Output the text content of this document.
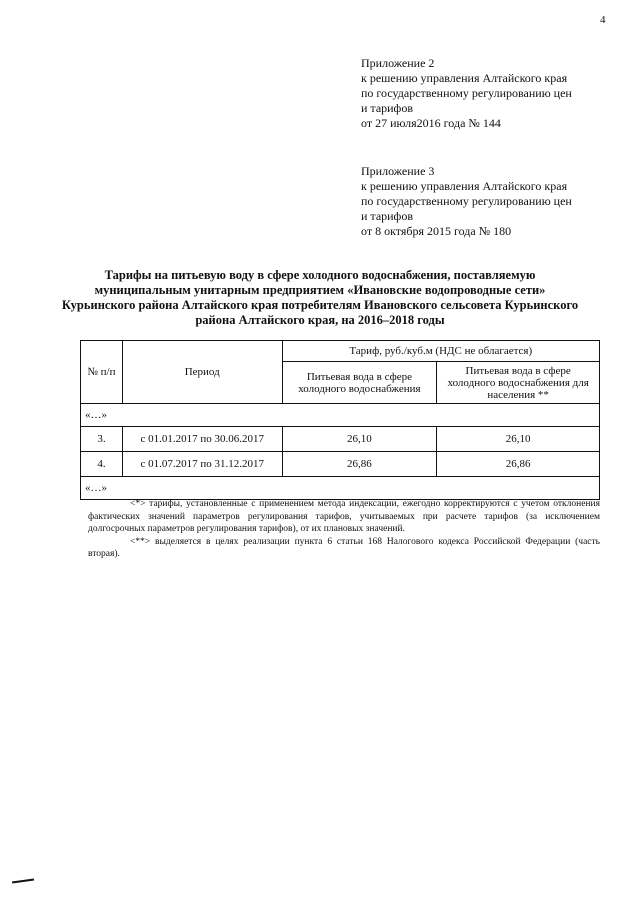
4
Приложение 2
к решению управления Алтайского края
по государственному регулированию цен
и тарифов
от 27 июля2016 года № 144
Приложение 3
к решению управления Алтайского края
по государственному регулированию цен
и тарифов
от 8 октября 2015 года № 180
Тарифы на питьевую воду в сфере холодного водоснабжения, поставляемую муниципальным унитарным предприятием «Ивановские водопроводные сети» Курьинского района Алтайского края потребителям Ивановского сельсовета Курьинского района Алтайского края, на 2016–2018 годы
№ п/п	Период	Тариф, руб./куб.м (НДС не облагается)	
		Питьевая вода в сфере холодного водоснабжения	Питьевая вода в сфере холодного водоснабжения для населения **
«…»			
3.	с 01.01.2017 по 30.06.2017	26,10	26,10
4.	с 01.07.2017 по 31.12.2017	26,86	26,86
«…»			

<*> тарифы, установленные с применением метода индексации, ежегодно корректируются с учетом отклонения фактических значений параметров регулирования тарифов, учитываемых при расчете тарифов (за исключением долгосрочных параметров регулирования тарифов), от их плановых значений.

<**> выделяется в целях реализации пункта 6 статьи 168 Налогового кодекса Российской Федерации (часть вторая).
